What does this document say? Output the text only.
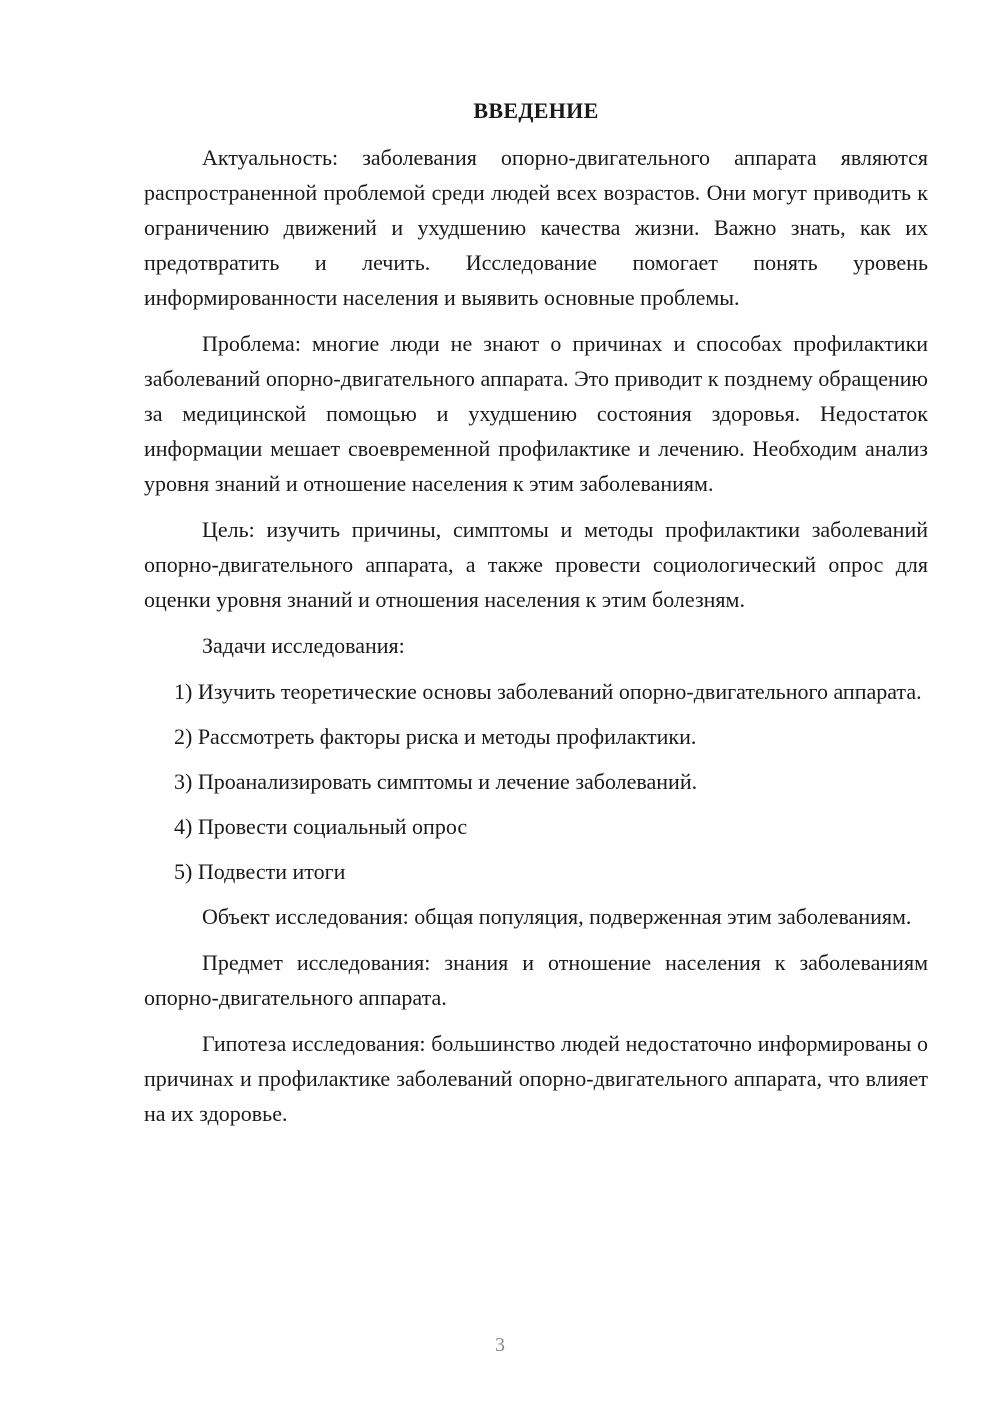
ВВЕДЕНИЕ

Актуальность: заболевания опорно-двигательного аппарата являются распространенной проблемой среди людей всех возрастов. Они могут приводить к ограничению движений и ухудшению качества жизни. Важно знать, как их предотвратить и лечить. Исследование помогает понять уровень информированности населения и выявить основные проблемы.

Проблема: многие люди не знают о причинах и способах профилактики заболеваний опорно-двигательного аппарата. Это приводит к позднему обращению за медицинской помощью и ухудшению состояния здоровья. Недостаток информации мешает своевременной профилактике и лечению. Необходим анализ уровня знаний и отношение населения к этим заболеваниям.

Цель: изучить причины, симптомы и методы профилактики заболеваний опорно-двигательного аппарата, а также провести социологический опрос для оценки уровня знаний и отношения населения к этим болезням.

Задачи исследования:

1) Изучить теоретические основы заболеваний опорно-двигательного аппарата.

2) Рассмотреть факторы риска и методы профилактики.

3) Проанализировать симптомы и лечение заболеваний.

4) Провести социальный опрос

5) Подвести итоги

Объект исследования: общая популяция, подверженная этим заболеваниям.

Предмет исследования: знания и отношение населения к заболеваниям опорно-двигательного аппарата.

Гипотеза исследования: большинство людей недостаточно информированы о причинах и профилактике заболеваний опорно-двигательного аппарата, что влияет на их здоровье.

3
